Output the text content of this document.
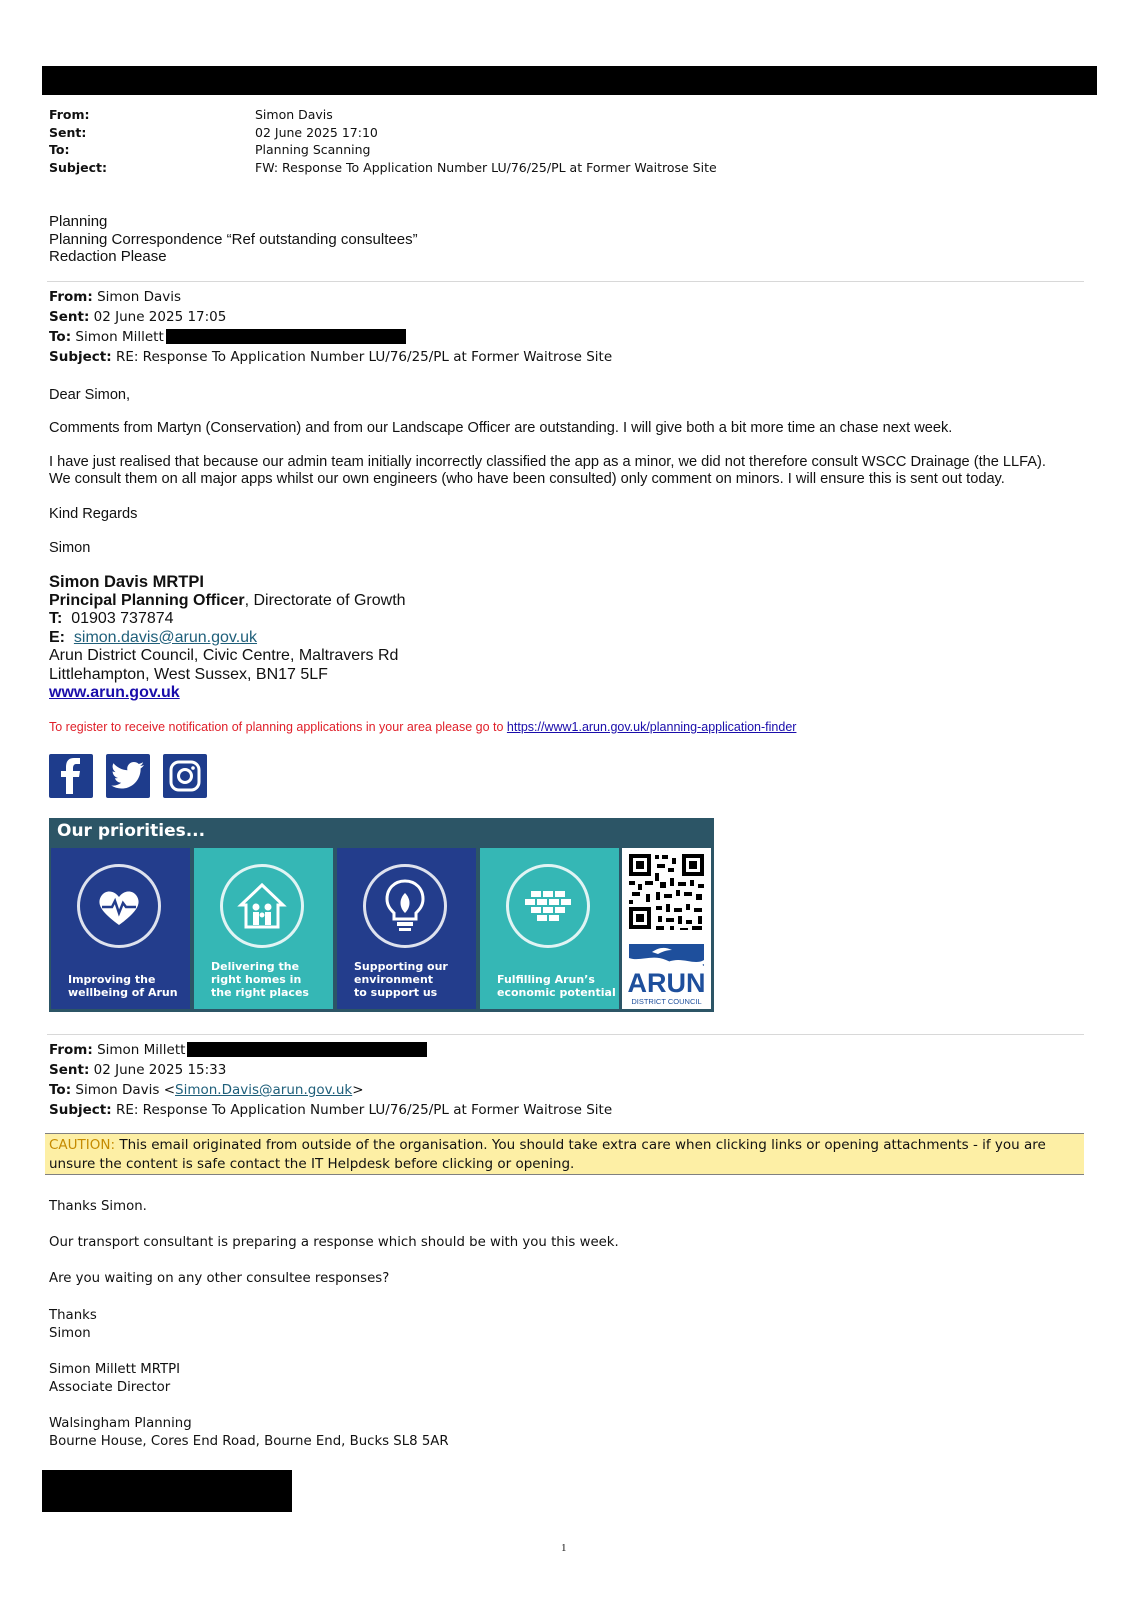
From:	Simon Davis
Sent:	02 June 2025 17:10
To:	Planning Scanning
Subject:	FW: Response To Application Number LU/76/25/PL at Former Waitrose Site
Planning
Planning Correspondence “Ref outstanding consultees”
Redaction Please
From: Simon Davis
Sent: 02 June 2025 17:05
To: Simon Millett
Subject: RE: Response To Application Number LU/76/25/PL at Former Waitrose Site

Dear Simon,

Comments from Martyn (Conservation) and from our Landscape Officer are outstanding. I will give both a bit more time an chase next week.

I have just realised that because our admin team initially incorrectly classified the app as a minor, we did not therefore consult WSCC Drainage (the LLFA).

We consult them on all major apps whilst our own engineers (who have been consulted) only comment on minors. I will ensure this is sent out today.

Kind Regards

Simon

Simon Davis MRTPI
Principal Planning Officer, Directorate of Growth
T: 01903 737874
E: simon.davis@arun.gov.uk
Arun District Council, Civic Centre, Maltravers Rd
Littlehampton, West Sussex, BN17 5LF
www.arun.gov.uk
To register to receive notification of planning applications in your area please go to https://www1.arun.gov.uk/planning-application-finder
Our priorities...
Improving the
wellbeing of Arun
Delivering the
right homes in
the right places
Supporting our
environment
to support us
Fulfilling Arun’s
economic potential ARUN
DISTRICT COUNCIL
From: Simon Millett
Sent: 02 June 2025 15:33
To: Simon Davis <Simon.Davis@arun.gov.uk>
Subject: RE: Response To Application Number LU/76/25/PL at Former Waitrose Site
CAUTION: This email originated from outside of the organisation. You should take extra care when clicking links or opening attachments - if you are unsure the content is safe contact the IT Helpdesk before clicking or opening.
Thanks Simon.
Our transport consultant is preparing a response which should be with you this week.
Are you waiting on any other consultee responses?
Thanks
Simon
Simon Millett MRTPI
Associate Director
Walsingham Planning
Bourne House, Cores End Road, Bourne End, Bucks SL8 5AR
1
